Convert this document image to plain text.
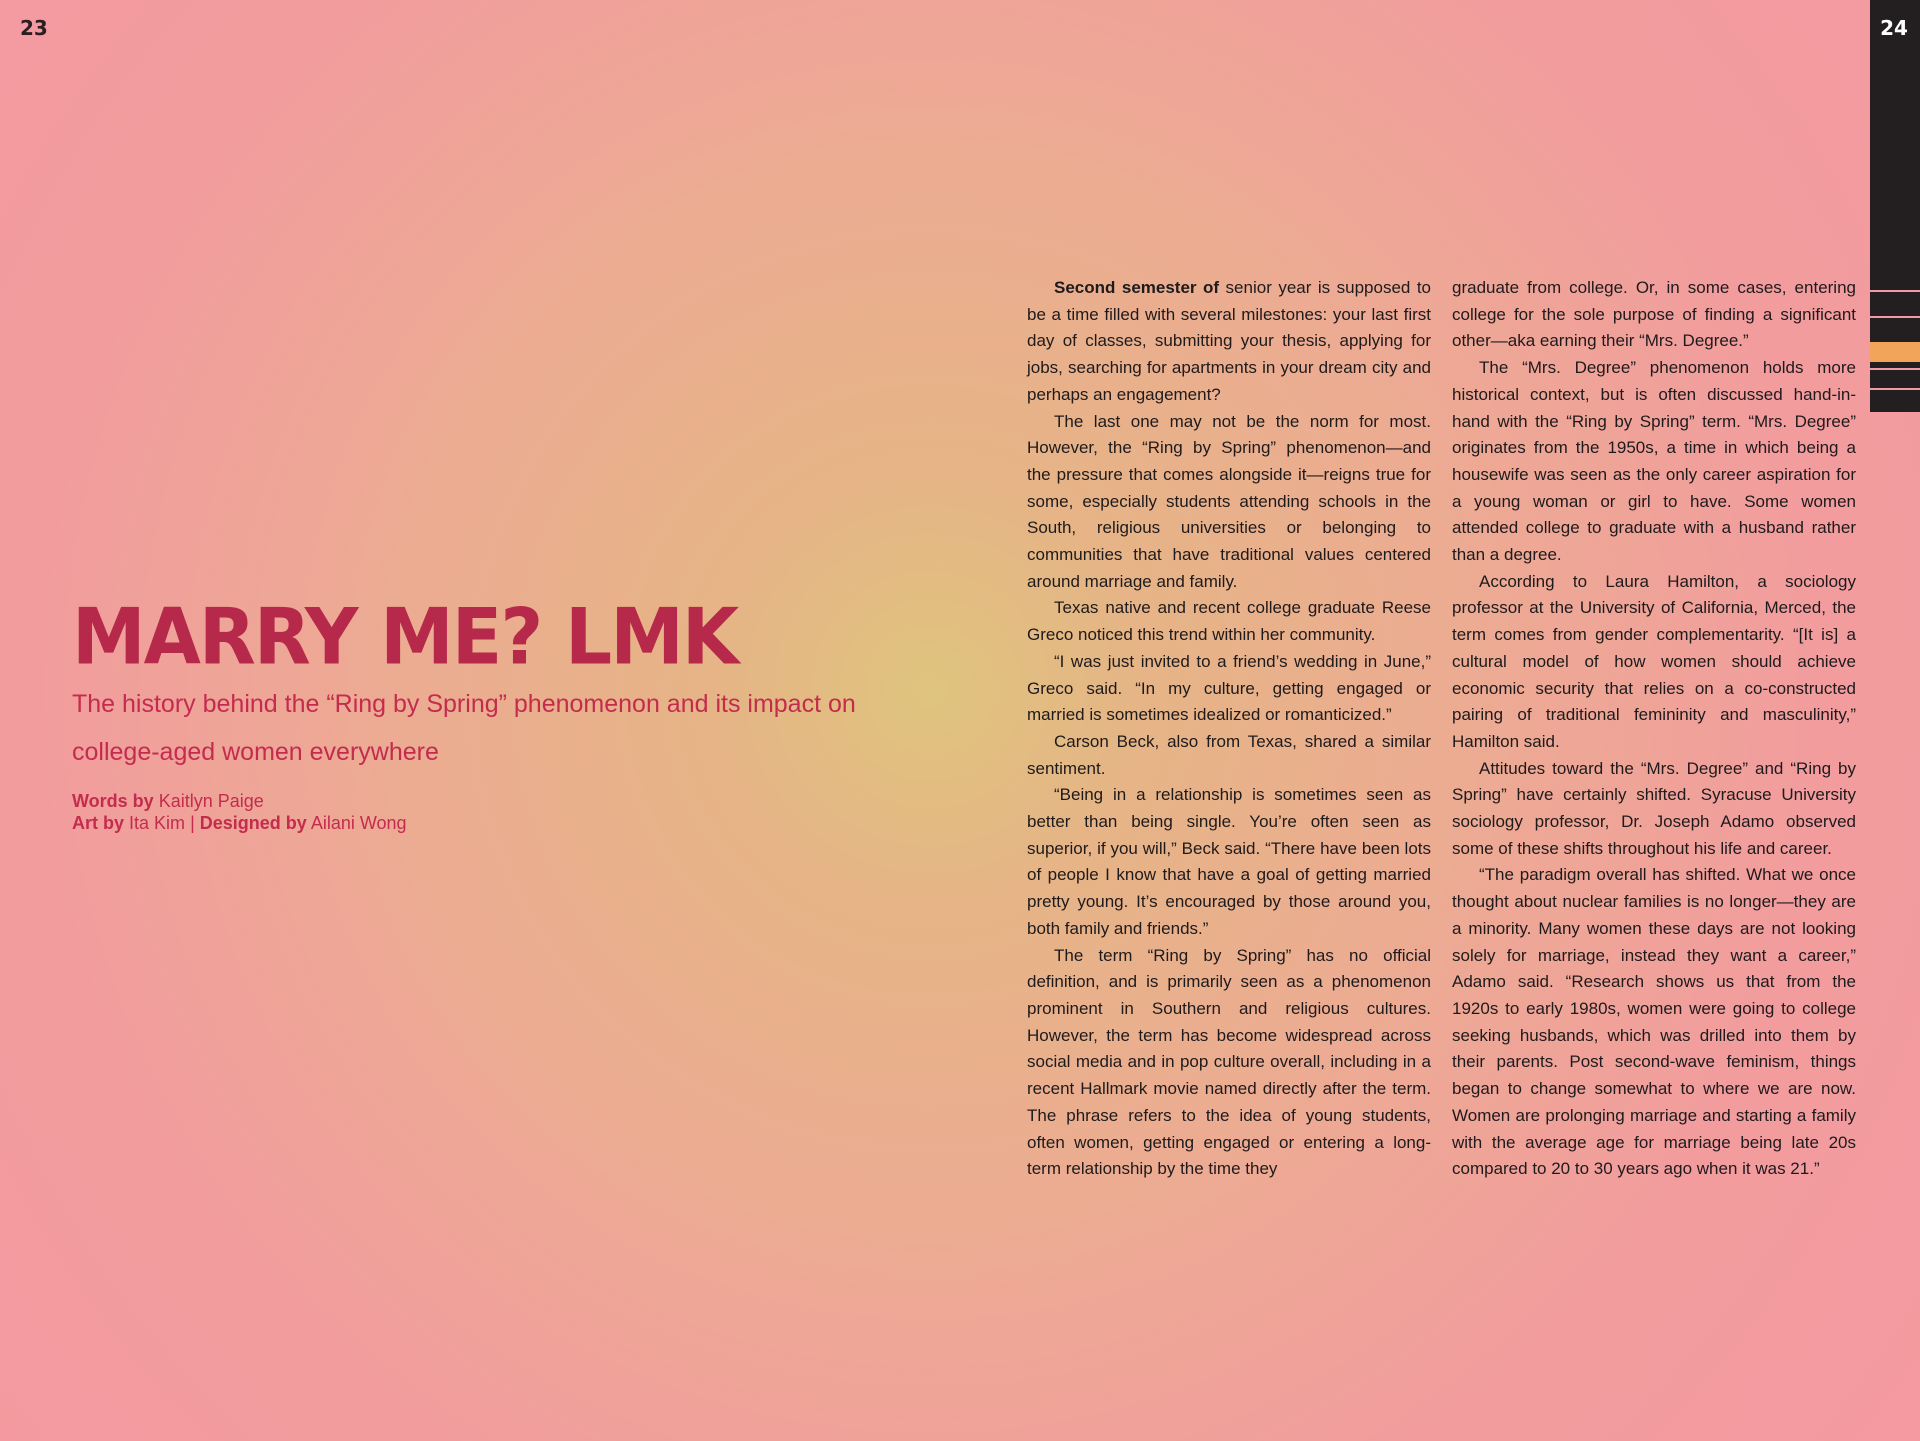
23	24
MARRY ME? LMK
The history behind the “Ring by Spring” phenomenon and its impact on college-aged women everywhere
Words by Kaitlyn Paige
Art by Ita Kim | Designed by Ailani Wong

Second semester of senior year is supposed to be a time filled with several milestones: your last first day of classes, submitting your thesis, applying for jobs, searching for apartments in your dream city and perhaps an engagement?

The last one may not be the norm for most. However, the “Ring by Spring” phenomenon—and the pressure that comes alongside it—reigns true for some, especially students attending schools in the South, religious universities or belonging to communities that have traditional values centered around marriage and family.

Texas native and recent college graduate Reese Greco noticed this trend within her community.

“I was just invited to a friend’s wedding in June,” Greco said. “In my culture, getting engaged or married is sometimes idealized or romanticized.”

Carson Beck, also from Texas, shared a similar sentiment.

“Being in a relationship is sometimes seen as better than being single. You’re often seen as superior, if you will,” Beck said. “There have been lots of people I know that have a goal of getting married pretty young. It’s encouraged by those around you, both family and friends.”

The term “Ring by Spring” has no official definition, and is primarily seen as a phenomenon prominent in Southern and religious cultures. However, the term has become widespread across social media and in pop culture overall, including in a recent Hallmark movie named directly after the term. The phrase refers to the idea of young students, often women, getting engaged or entering a long-term relationship by the time they

graduate from college. Or, in some cases, entering college for the sole purpose of finding a significant other—aka earning their “Mrs. Degree.”

The “Mrs. Degree” phenomenon holds more historical context, but is often discussed hand-in-hand with the “Ring by Spring” term. “Mrs. Degree” originates from the 1950s, a time in which being a housewife was seen as the only career aspiration for a young woman or girl to have. Some women attended college to graduate with a husband rather than a degree.

According to Laura Hamilton, a sociology professor at the University of California, Merced, the term comes from gender complementarity. “[It is] a cultural model of how women should achieve economic security that relies on a co-constructed pairing of traditional femininity and masculinity,” Hamilton said.

Attitudes toward the “Mrs. Degree” and “Ring by Spring” have certainly shifted. Syracuse University sociology professor, Dr. Joseph Adamo observed some of these shifts throughout his life and career.

“The paradigm overall has shifted. What we once thought about nuclear families is no longer—they are a minority. Many women these days are not looking solely for marriage, instead they want a career,” Adamo said. “Research shows us that from the 1920s to early 1980s, women were going to college seeking husbands, which was drilled into them by their parents. Post second-wave feminism, things began to change somewhat to where we are now. Women are prolonging marriage and starting a family with the average age for marriage being late 20s compared to 20 to 30 years ago when it was 21.”
